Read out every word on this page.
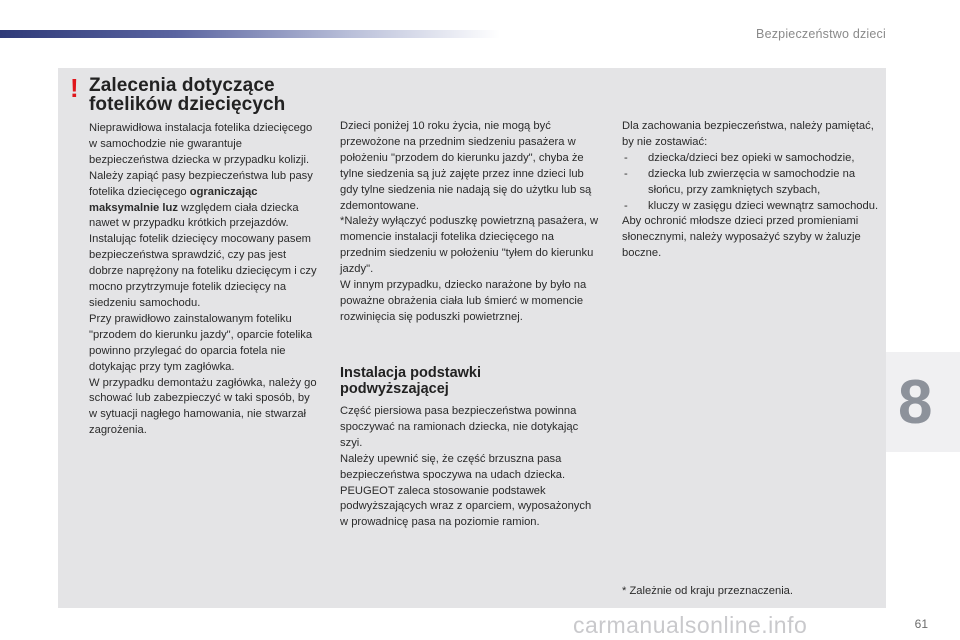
Bezpieczeństwo dzieci
! Zalecenia dotyczące
fotelików dziecięcych

Nieprawidłowa instalacja fotelika dziecięcego w samochodzie nie gwarantuje bezpieczeństwa dziecka w przypadku kolizji.

Należy zapiąć pasy bezpieczeństwa lub pasy fotelika dziecięcego ograniczając maksymalnie luz względem ciała dziecka nawet w przypadku krótkich przejazdów.

Instalując fotelik dziecięcy mocowany pasem bezpieczeństwa sprawdzić, czy pas jest dobrze naprężony na foteliku dziecięcym i czy mocno przytrzymuje fotelik dziecięcy na siedzeniu samochodu.

Przy prawidłowo zainstalowanym foteliku "przodem do kierunku jazdy", oparcie fotelika powinno przylegać do oparcia fotela nie dotykając przy tym zagłówka.

W przypadku demontażu zagłówka, należy go schować lub zabezpieczyć w taki sposób, by w sytuacji nagłego hamowania, nie stwarzał zagrożenia.

Dzieci poniżej 10 roku życia, nie mogą być przewożone na przednim siedzeniu pasażera w położeniu "przodem do kierunku jazdy", chyba że tylne siedzenia są już zajęte przez inne dzieci lub gdy tylne siedzenia nie nadają się do użytku lub są zdemontowane.

*Należy wyłączyć poduszkę powietrzną pasażera, w momencie instalacji fotelika dziecięcego na przednim siedzeniu w położeniu "tyłem do kierunku jazdy".

W innym przypadku, dziecko narażone by było na poważne obrażenia ciała lub śmierć w momencie rozwinięcia się poduszki powietrznej.

Instalacja podstawki
podwyższającej

Część piersiowa pasa bezpieczeństwa powinna spoczywać na ramionach dziecka, nie dotykając szyi.

Należy upewnić się, że część brzuszna pasa bezpieczeństwa spoczywa na udach dziecka.

PEUGEOT zaleca stosowanie podstawek podwyższających wraz z oparciem, wyposażonych w prowadnicę pasa na poziomie ramion.

Dla zachowania bezpieczeństwa, należy pamiętać, by nie zostawiać:

- dziecka/dzieci bez opieki w samochodzie,
- dziecka lub zwierzęcia w samochodzie na słońcu, przy zamkniętych szybach,
- kluczy w zasięgu dzieci wewnątrz samochodu.

Aby ochronić młodsze dzieci przed promieniami słonecznymi, należy wyposażyć szyby w żaluzje boczne.

* Zależnie od kraju przeznaczenia.
8
carmanualsonline.info	61
